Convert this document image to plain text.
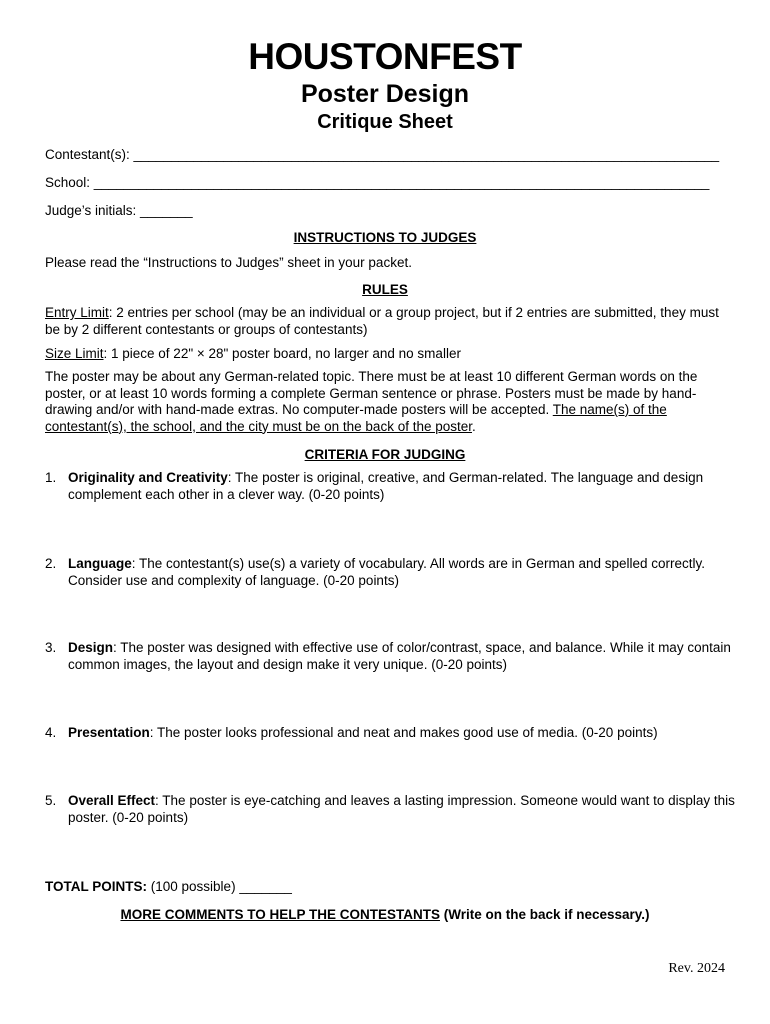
HOUSTONFEST
Poster Design
Critique Sheet
Contestant(s): ______________________________________________________________________________
School: __________________________________________________________________________________
Judge’s initials: _______
INSTRUCTIONS TO JUDGES
Please read the “Instructions to Judges” sheet in your packet.
RULES
Entry Limit: 2 entries per school (may be an individual or a group project, but if 2 entries are submitted, they must be by 2 different contestants or groups of contestants)
Size Limit: 1 piece of 22" × 28" poster board, no larger and no smaller
The poster may be about any German-related topic. There must be at least 10 different German words on the poster, or at least 10 words forming a complete German sentence or phrase. Posters must be made by hand-drawing and/or with hand-made extras. No computer-made posters will be accepted. The name(s) of the contestant(s), the school, and the city must be on the back of the poster.
CRITERIA FOR JUDGING
1. Originality and Creativity: The poster is original, creative, and German-related. The language and design complement each other in a clever way. (0-20 points)
2. Language: The contestant(s) use(s) a variety of vocabulary. All words are in German and spelled correctly. Consider use and complexity of language. (0-20 points)
3. Design: The poster was designed with effective use of color/contrast, space, and balance. While it may contain common images, the layout and design make it very unique. (0-20 points)
4. Presentation: The poster looks professional and neat and makes good use of media. (0-20 points)
5. Overall Effect: The poster is eye-catching and leaves a lasting impression. Someone would want to display this poster. (0-20 points)
TOTAL POINTS: (100 possible) _______
MORE COMMENTS TO HELP THE CONTESTANTS (Write on the back if necessary.)
Rev. 2024
